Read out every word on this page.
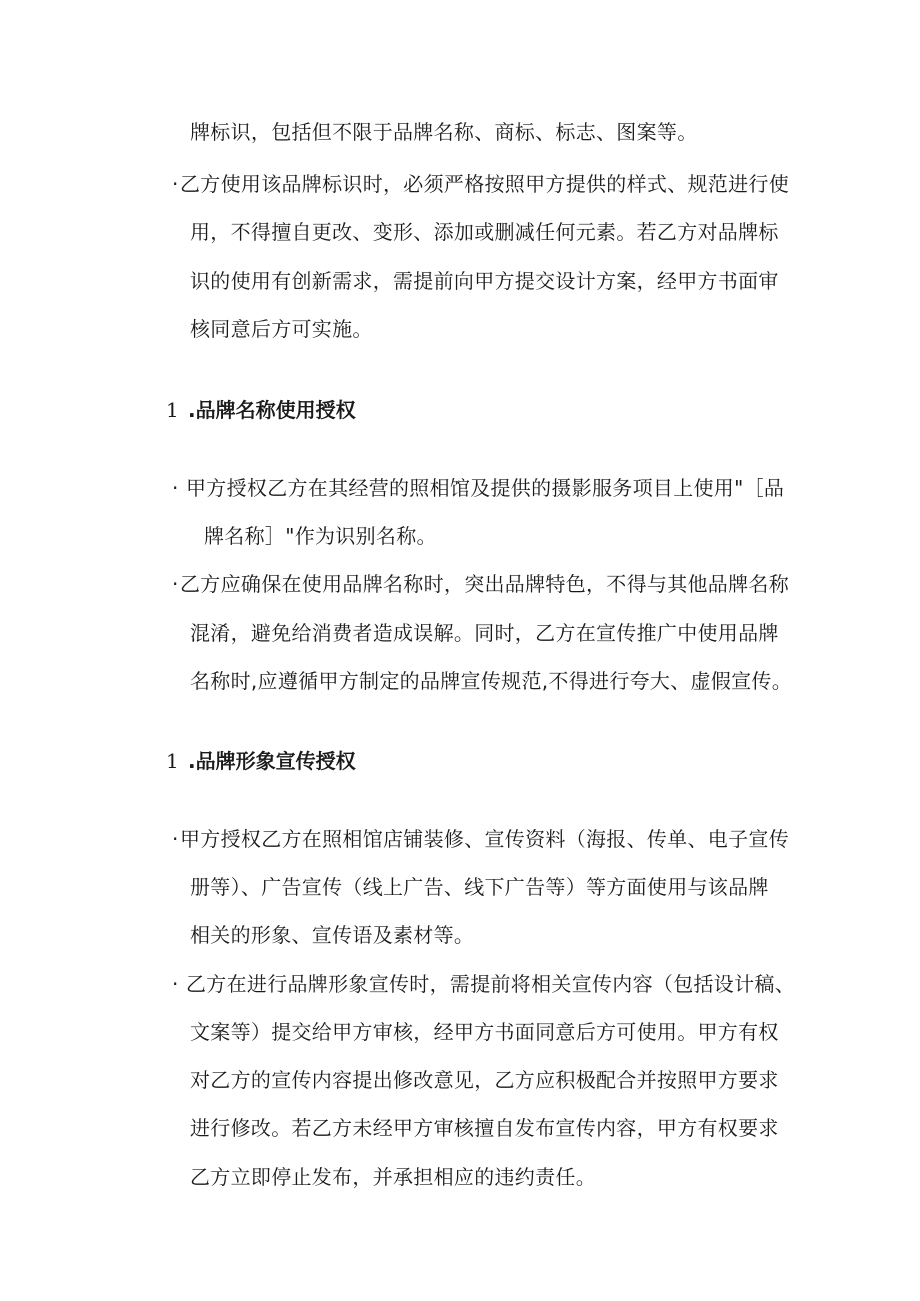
牌标识，包括但不限于品牌名称、商标、标志、图案等。
· 乙方使用该品牌标识时，必须严格按照甲方提供的样式、规范进行使
用，不得擅自更改、变形、添加或删减任何元素。若乙方对品牌标
识的使用有创新需求，需提前向甲方提交设计方案，经甲方书面审
核同意后方可实施。
1 .品牌名称使用授权
· 甲方授权乙方在其经营的照相馆及提供的摄影服务项目上使用"［品
牌名称］"作为识别名称。
· 乙方应确保在使用品牌名称时，突出品牌特色，不得与其他品牌名称
混淆，避免给消费者造成误解。同时，乙方在宣传推广中使用品牌
名称时,应遵循甲方制定的品牌宣传规范,不得进行夸大、虚假宣传。
1 .品牌形象宣传授权
· 甲方授权乙方在照相馆店铺装修、宣传资料（海报、传单、电子宣传
册等）、广告宣传（线上广告、线下广告等）等方面使用与该品牌
相关的形象、宣传语及素材等。
· 乙方在进行品牌形象宣传时，需提前将相关宣传内容（包括设计稿、
文案等）提交给甲方审核，经甲方书面同意后方可使用。甲方有权
对乙方的宣传内容提出修改意见，乙方应积极配合并按照甲方要求
进行修改。若乙方未经甲方审核擅自发布宣传内容，甲方有权要求
乙方立即停止发布，并承担相应的违约责任。
